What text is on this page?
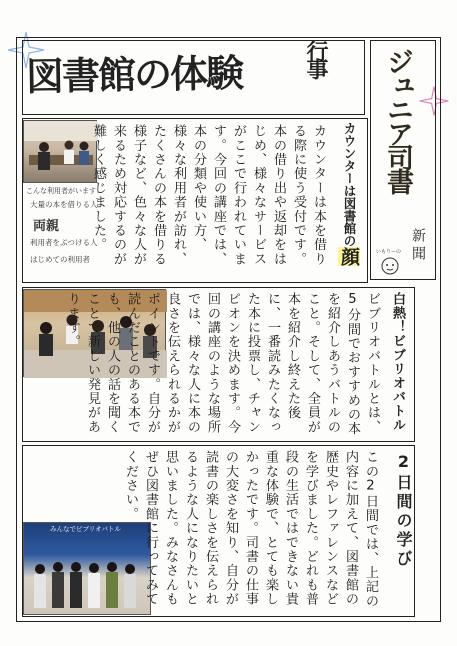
図書館の体験	行事 ジュニア司書
新聞
いもりーの
こんな利用者がいます！
大量の本を借りる人
両親
利用者をぶつける人
はじめての利用者	カウンターは本を借りる際に使う受付です。本の借り出や返却をはじめ、様々なサービスがここで行われています。今回の講座では、本の分類や使い方、様々な利用者が訪れ、たくさんの本を借りる様子など、色々な人が来るため対応するのが難しく感じました。	カウンターは図書館の顔
ビブリオバトルとは、5分間でおすすめの本を紹介しあうバトルのこと。そして、全員が本を紹介し終えた後に、一番読みたくなった本に投票し、チャンピオンを決めます。今回の講座のような場所では、様々な人に本の良さを伝えられるかがポイントです。自分が読んだことのある本でも、他の人の話を聞くことで新しい発見があります。	白熱！ビブリオバトル
みんなでビブリオバトル	この2日間では、上記の内容に加えて、図書館の歴史やレファレンスなどを学びました。どれも普段の生活ではできない貴重な体験で、とても楽しかったです。司書の仕事の大変さを知り、自分が読書の楽しさを伝えられるような人になりたいと思いました。みなさんもぜひ図書館に行ってみてください。	2日間の学び
